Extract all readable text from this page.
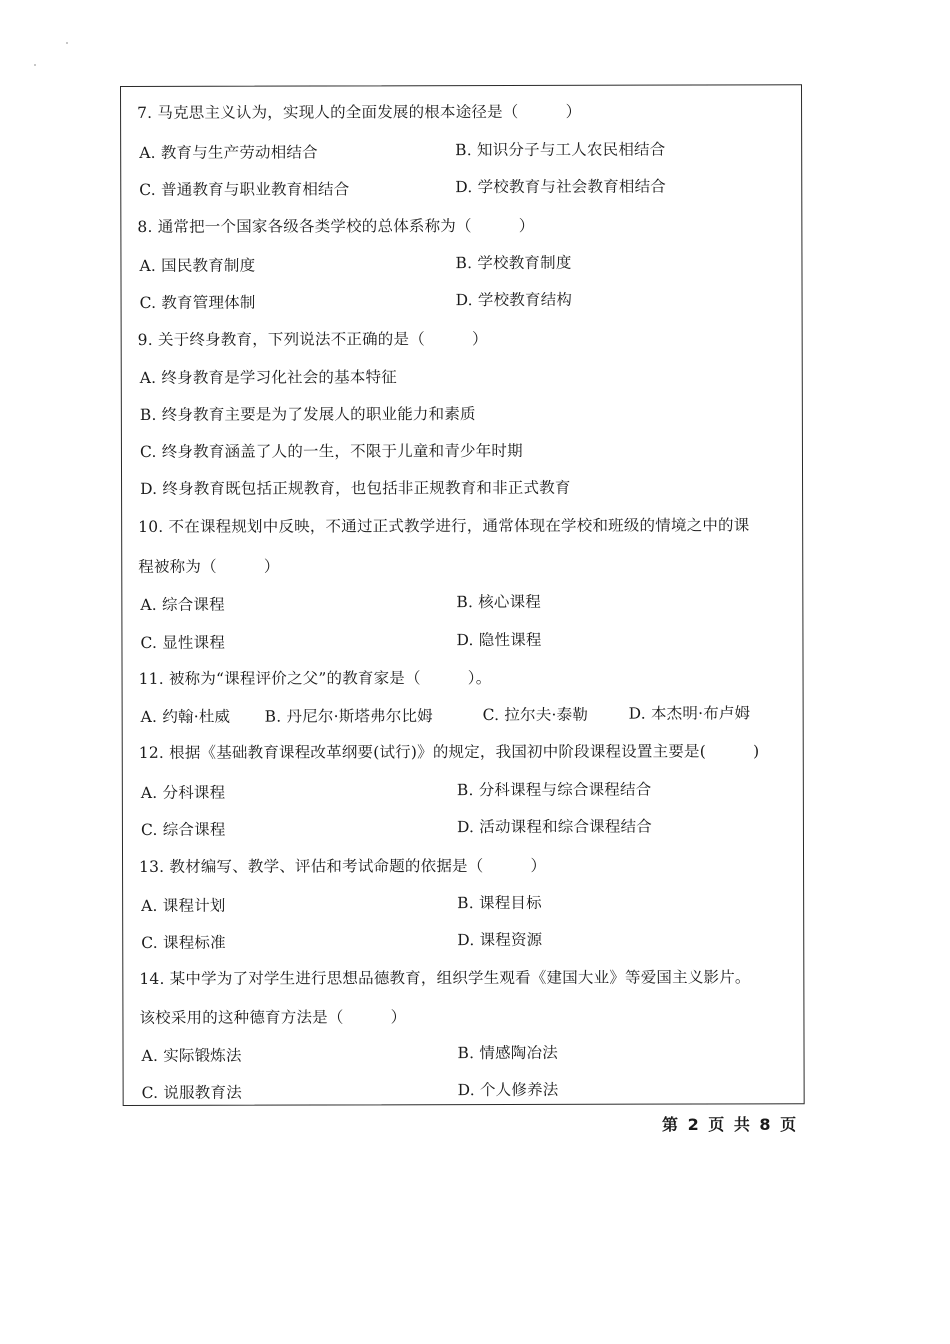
7. 马克思主义认为，实现人的全面发展的根本途径是（　　　）
A. 教育与生产劳动相结合	B. 知识分子与工人农民相结合
C. 普通教育与职业教育相结合	D. 学校教育与社会教育相结合
8. 通常把一个国家各级各类学校的总体系称为（　　　）
A. 国民教育制度	B. 学校教育制度
C. 教育管理体制	D. 学校教育结构
9. 关于终身教育，下列说法不正确的是（　　　）
A. 终身教育是学习化社会的基本特征
B. 终身教育主要是为了发展人的职业能力和素质
C. 终身教育涵盖了人的一生，不限于儿童和青少年时期
D. 终身教育既包括正规教育，也包括非正规教育和非正式教育
10. 不在课程规划中反映，不通过正式教学进行，通常体现在学校和班级的情境之中的课
程被称为（　　　）
A. 综合课程	B. 核心课程
C. 显性课程	D. 隐性课程
11. 被称为“课程评价之父”的教育家是（　　　）。
A. 约翰·杜威 B. 丹尼尔·斯塔弗尔比姆	C. 拉尔夫·泰勒	D. 本杰明·布卢姆
12. 根据《基础教育课程改革纲要(试行)》的规定，我国初中阶段课程设置主要是(　　　)
A. 分科课程	B. 分科课程与综合课程结合
C. 综合课程	D. 活动课程和综合课程结合
13. 教材编写、教学、评估和考试命题的依据是（　　　）
A. 课程计划	B. 课程目标
C. 课程标准	D. 课程资源
14. 某中学为了对学生进行思想品德教育，组织学生观看《建国大业》等爱国主义影片。
该校采用的这种德育方法是（　　　）
A. 实际锻炼法	B. 情感陶冶法
C. 说服教育法	D. 个人修养法
第 2 页 共 8 页
